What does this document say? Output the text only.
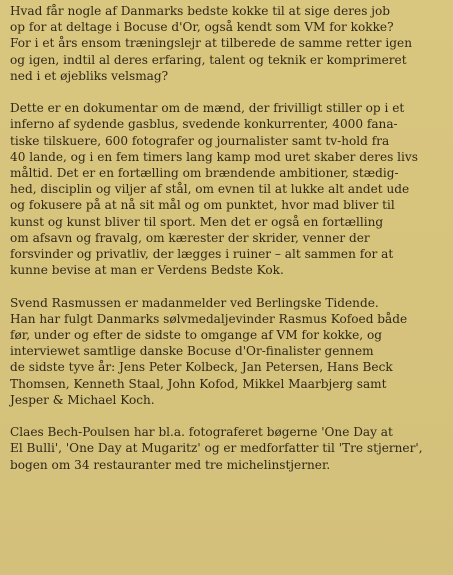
Hvad får nogle af Danmarks bedste kokke til at sige deres job
op for at deltage i Bocuse d'Or, også kendt som VM for kokke?
For i et års ensom træningslejr at tilberede de samme retter igen
og igen, indtil al deres erfaring, talent og teknik er komprimeret
ned i et øjebliks velsmag?
Dette er en dokumentar om de mænd, der frivilligt stiller op i et
inferno af sydende gasblus, svedende konkurrenter, 4000 fana-
tiske tilskuere, 600 fotografer og journalister samt tv-hold fra
40 lande, og i en fem timers lang kamp mod uret skaber deres livs
måltid. Det er en fortælling om brændende ambitioner, stædig-
hed, disciplin og viljer af stål, om evnen til at lukke alt andet ude
og fokusere på at nå sit mål og om punktet, hvor mad bliver til
kunst og kunst bliver til sport. Men det er også en fortælling
om afsavn og fravalg, om kærester der skrider, venner der
forsvinder og privatliv, der lægges i ruiner – alt sammen for at
kunne bevise at man er Verdens Bedste Kok.
Svend Rasmussen er madanmelder ved Berlingske Tidende.
Han har fulgt Danmarks sølvmedaljevinder Rasmus Kofoed både
før, under og efter de sidste to omgange af VM for kokke, og
interviewet samtlige danske Bocuse d'Or-finalister gennem
de sidste tyve år: Jens Peter Kolbeck, Jan Petersen, Hans Beck
Thomsen, Kenneth Staal, John Kofod, Mikkel Maarbjerg samt
Jesper & Michael Koch.
Claes Bech-Poulsen har bl.a. fotograferet bøgerne 'One Day at
El Bulli', 'One Day at Mugaritz' og er medforfatter til 'Tre stjerner',
bogen om 34 restauranter med tre michelinstjerner.
